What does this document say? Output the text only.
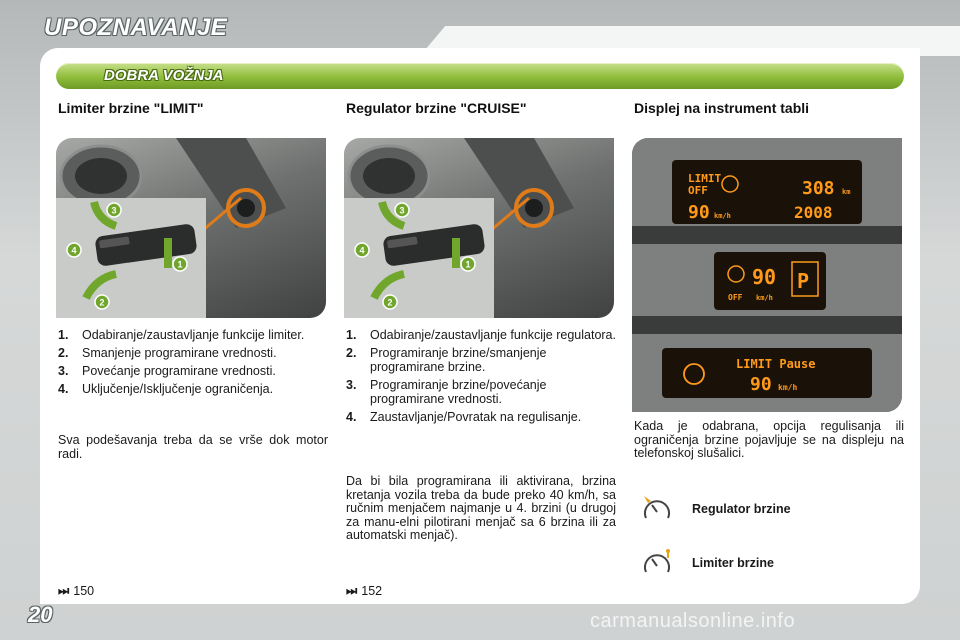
UPOZNAVANJE
DOBRA VOŽNJA
Limiter brzine "LIMIT"	Regulator brzine "CRUISE"	Displej na instrument tabli
3
4
1
2
3
4
1
2
LIMIT
OFF	308 km
90 km/h	2008
OFF
90
km/h
P
LIMIT Pause
90 km/h
1. Odabiranje/zaustavljanje funkcije limiter.
2. Smanjenje programirane vrednosti.
3. Povećanje programirane vrednosti.
4. Uključenje/Isključenje ograničenja.
Sva podešavanja treba da se vrše dok motor radi.
1. Odabiranje/zaustavljanje funkcije regulatora.
2. Programiranje brzine/smanjenje programirane brzine.
3. Programiranje brzine/povećanje programirane vrednosti.
4. Zaustavljanje/Povratak na regulisanje.
Da bi bila programirana ili aktivirana, brzina kretanja vozila treba da bude preko 40 km/h, sa ručnim menjačem najmanje u 4. brzini (u drugoj za manu-elni pilotirani menjač sa 6 brzina ili za automatski menjač).
Kada je odabrana, opcija regulisanja ili ograničenja brzine pojavljuje se na displeju na telefonskoj slušalici.
Regulator brzine
Limiter brzine
⏭ 150	⏭ 152
20	carmanualsonline.info
